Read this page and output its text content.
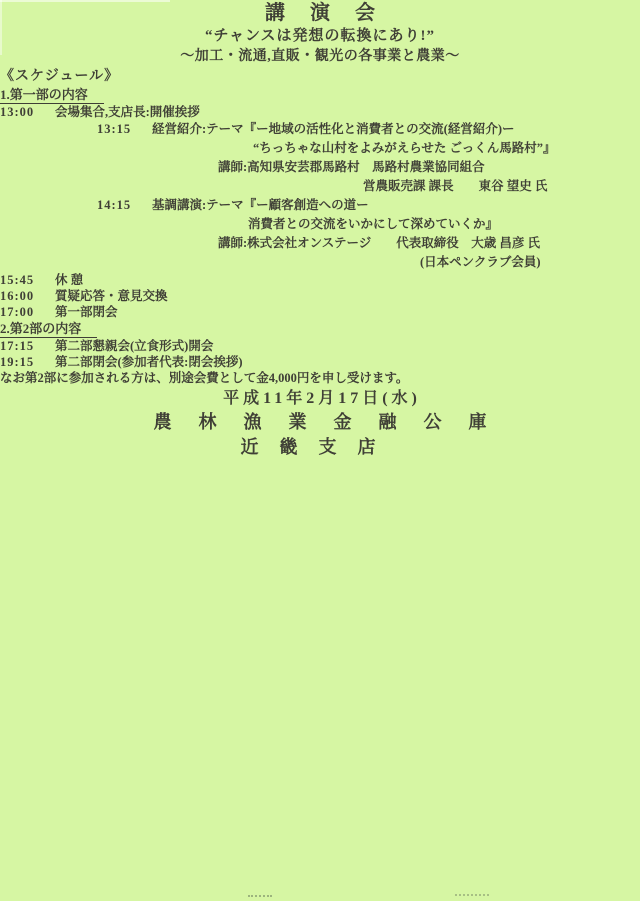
講演会
“チャンスは発想の転換にあり!”
〜加工・流通,直販・観光の各事業と農業〜
《スケジュール》
1.第一部の内容
13:00	会場集合,支店長:開催挨拶
13:15	経営紹介:テーマ『ー地域の活性化と消費者との交流(経営紹介)ー
“ちっちゃな山村をよみがえらせた ごっくん馬路村”』
講師:高知県安芸郡馬路村　馬路村農業協同組合
営農販売課 課長　　東谷 望史 氏
14:15	基調講演:テーマ『ー顧客創造への道ー
消費者との交流をいかにして深めていくか』
講師:株式会社オンステージ　　代表取締役　大歳 昌彦 氏
(日本ペンクラブ会員)
15:45	休 憩
16:00	質疑応答・意見交換
17:00	第一部閉会
2.第2部の内容
17:15	第二部懇親会(立食形式)開会
19:15	第二部閉会(参加者代表:閉会挨拶)
なお第2部に参加される方は、別途会費として金4,000円を申し受けます。
平成11年2月17日(水)
農林漁業金融公庫
近畿支店
